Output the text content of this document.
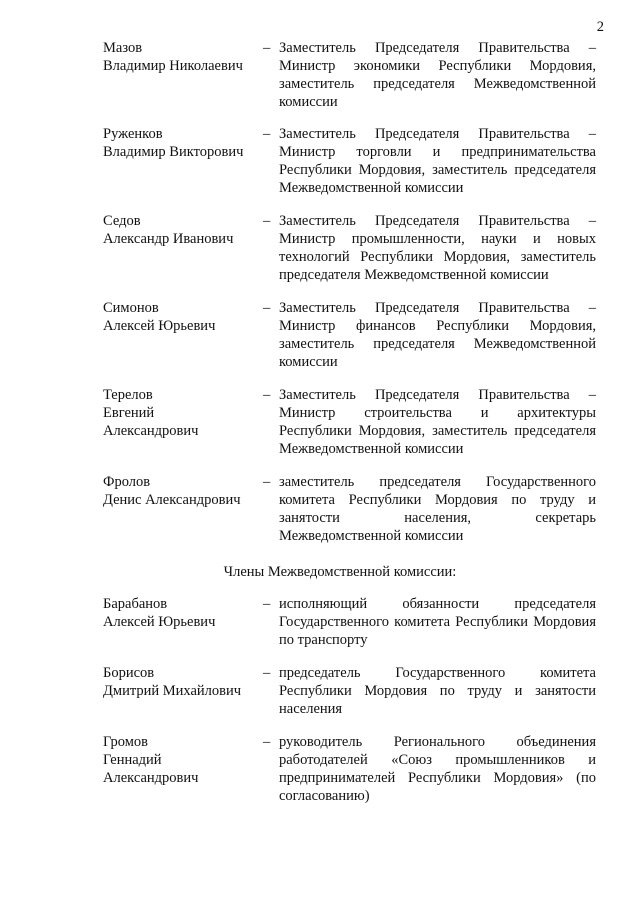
2
Мазов
Владимир Николаевич
– Заместитель Председателя Правительства – Министр экономики Республики Мордовия, заместитель председателя Межведомственной комиссии
Руженков
Владимир Викторович
– Заместитель Председателя Правительства – Министр торговли и предпринимательства Республики Мордовия, заместитель председателя Межведомственной комиссии
Седов
Александр Иванович
– Заместитель Председателя Правительства – Министр промышленности, науки и новых технологий Республики Мордовия, заместитель председателя Межведомственной комиссии
Симонов
Алексей Юрьевич
– Заместитель Председателя Правительства – Министр финансов Республики Мордовия, заместитель председателя Межведомственной комиссии
Терелов
Евгений
Александрович
– Заместитель Председателя Правительства – Министр строительства и архитектуры Республики Мордовия, заместитель председателя Межведомственной комиссии
Фролов
Денис Александрович
– заместитель председателя Государственного комитета Республики Мордовия по труду и занятости населения, секретарь Межведомственной комиссии
Члены Межведомственной комиссии:
Барабанов
Алексей Юрьевич
– исполняющий обязанности председателя Государственного комитета Республики Мордовия по транспорту
Борисов
Дмитрий Михайлович
– председатель Государственного комитета Республики Мордовия по труду и занятости населения
Громов
Геннадий
Александрович
– руководитель Регионального объединения работодателей «Союз промышленников и предпринимателей Республики Мордовия» (по согласованию)
